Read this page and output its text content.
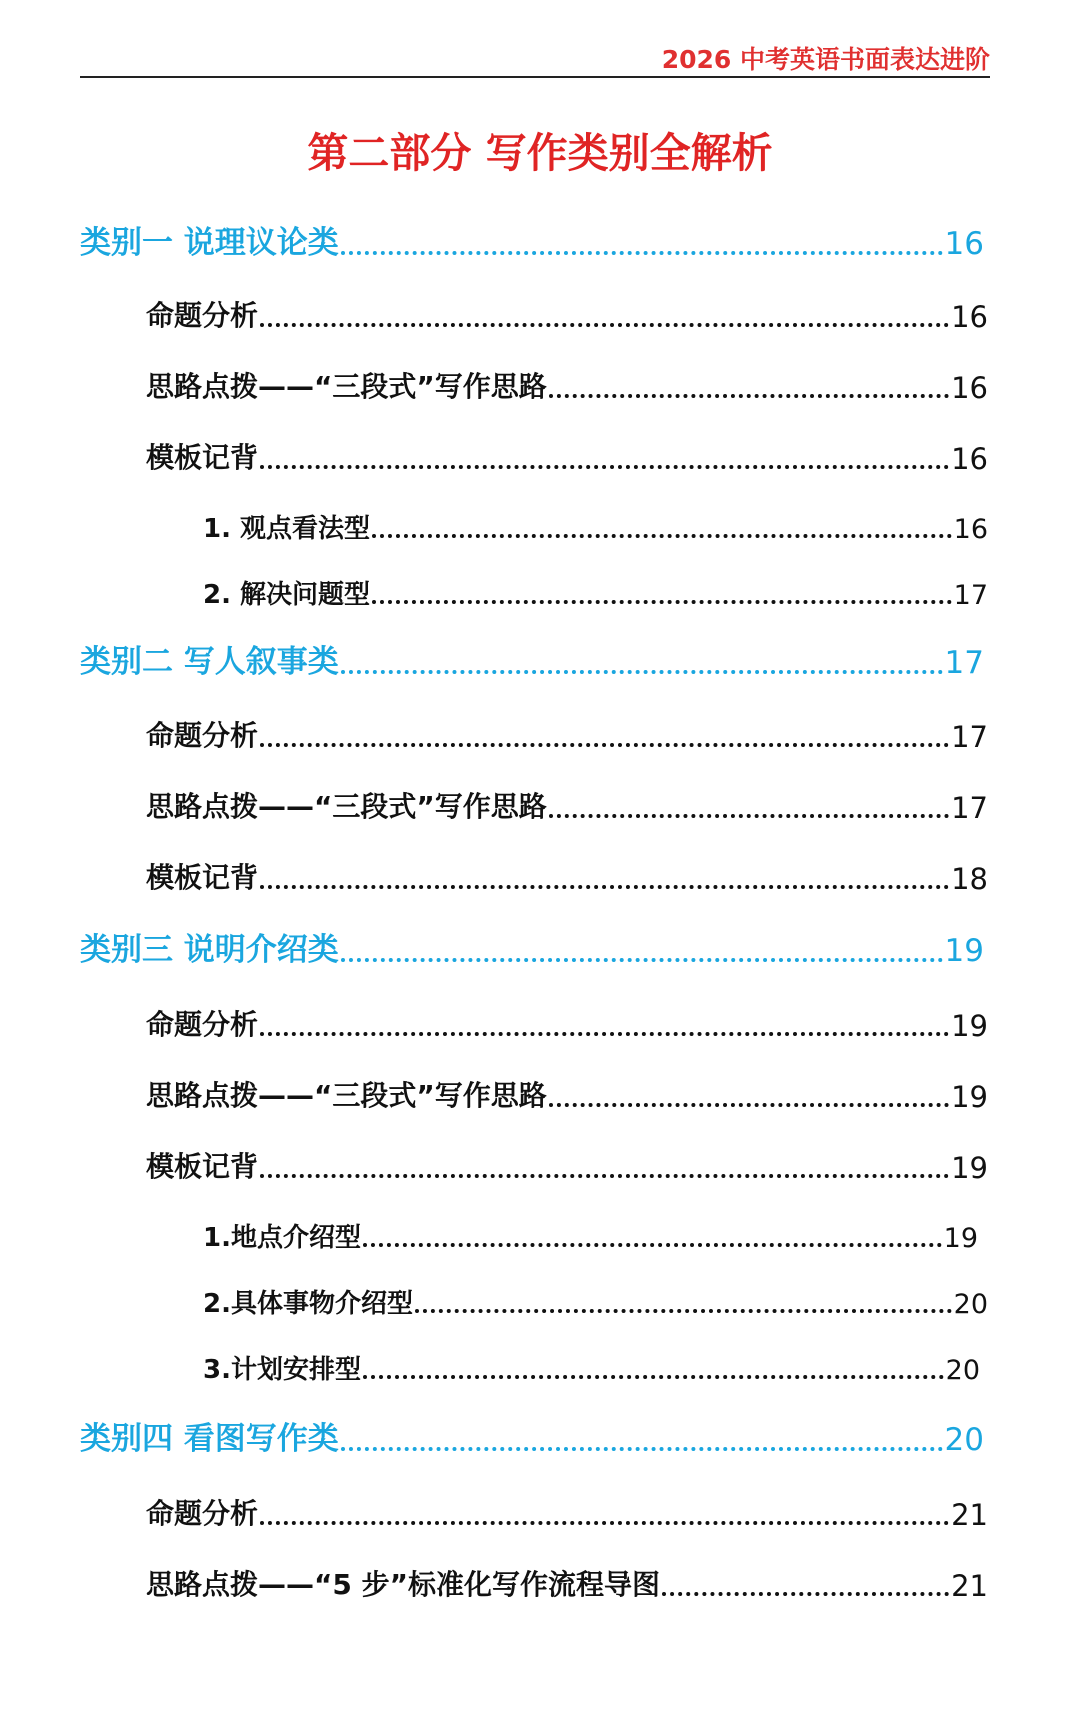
2026 中考英语书面表达进阶
第二部分 写作类别全解析
类别一 说理议论类	16
命题分析	16
思路点拨——“三段式”写作思路	16
模板记背	16
1. 观点看法型	16
2. 解决问题型	17
类别二 写人叙事类	17
命题分析	17
思路点拨——“三段式”写作思路	17
模板记背	18
类别三 说明介绍类	19
命题分析	19
思路点拨——“三段式”写作思路	19
模板记背	19
1.地点介绍型	19
2.具体事物介绍型	20
3.计划安排型	20
类别四 看图写作类	20
命题分析	21
思路点拨——“5 步”标准化写作流程导图	21
